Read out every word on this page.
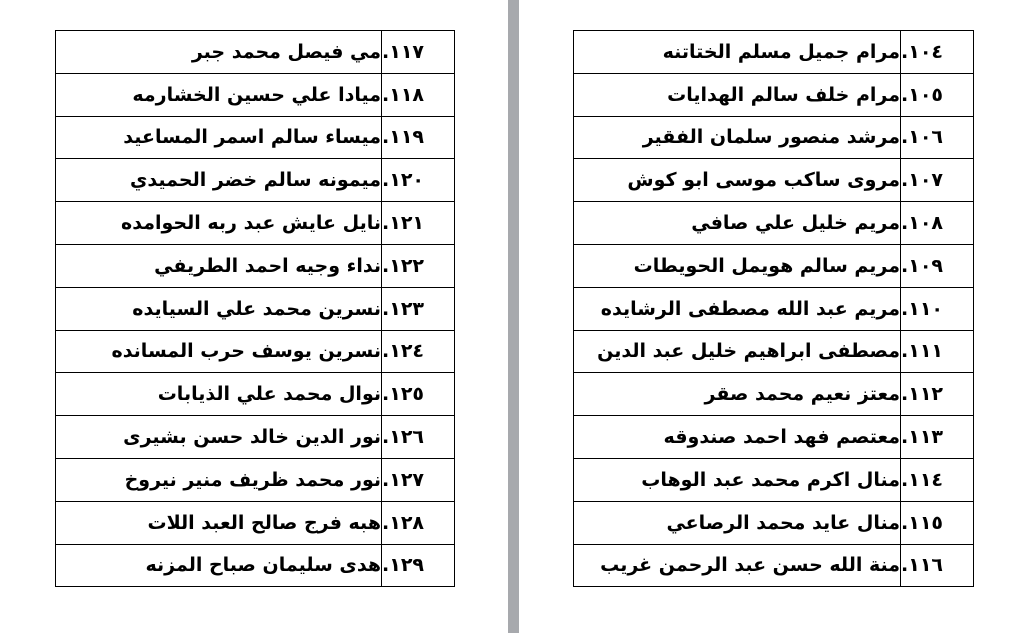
١١٧.	مي فيصل محمد جبر
١١٨.	ميادا علي حسين الخشارمه
١١٩.	ميساء سالم اسمر المساعيد
١٢٠.	ميمونه سالم خضر الحميدي
١٢١.	نايل عايش عبد ربه الحوامده
١٢٢.	نداء وجيه احمد الطريفي
١٢٣.	نسرين محمد علي السيايده
١٢٤.	نسرين يوسف حرب المسانده
١٢٥.	نوال محمد علي الذيابات
١٢٦.	نور الدين خالد حسن بشيرى
١٢٧.	نور محمد ظريف منير نيروخ
١٢٨.	هبه فرج صالح العبد اللات
١٢٩.	هدى سليمان صباح المزنه
١٠٤.	مرام جميل مسلم الختاتنه
١٠٥.	مرام خلف سالم الهدايات
١٠٦.	مرشد منصور سلمان الفقير
١٠٧.	مروى ساكب موسى ابو كوش
١٠٨.	مريم خليل علي صافي
١٠٩.	مريم سالم هويمل الحويطات
١١٠.	مريم عبد الله مصطفى الرشايده
١١١.	مصطفى ابراهيم خليل عبد الدين
١١٢.	معتز نعيم محمد صقر
١١٣.	معتصم فهد احمد صندوقه
١١٤.	منال اكرم محمد عبد الوهاب
١١٥.	منال عايد محمد الرصاعي
١١٦.	منة الله حسن عبد الرحمن غريب
